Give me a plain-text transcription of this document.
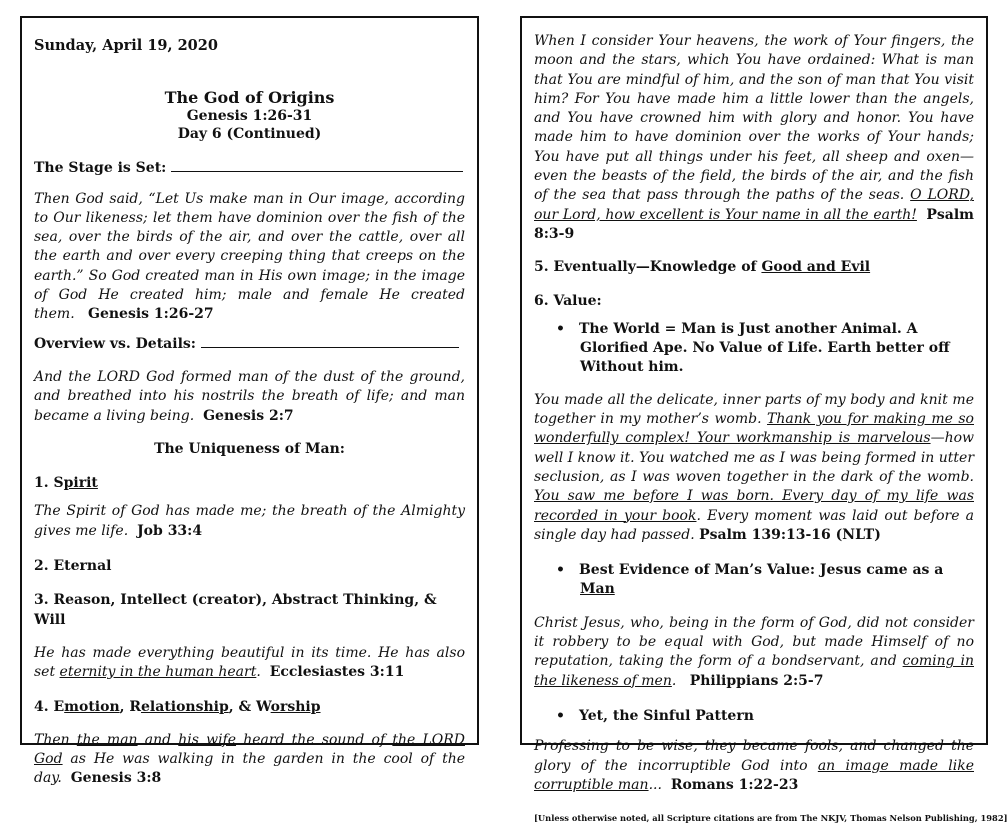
Sunday, April 19, 2020

The God of Origins

Genesis 1:26-31

Day 6 (Continued)

The Stage is Set:

Then God said, “Let Us make man in Our image, according to Our likeness; let them have dominion over the fish of the sea, over the birds of the air, and over the cattle, over all the earth and over every creeping thing that creeps on the earth.” So God created man in His own image; in the image of God He created him; male and female He created them. Genesis 1:26-27

Overview vs. Details:

And the LORD God formed man of the dust of the ground, and breathed into his nostrils the breath of life; and man became a living being. Genesis 2:7

The Uniqueness of Man:

1. Spirit

The Spirit of God has made me; the breath of the Almighty gives me life. Job 33:4

2. Eternal

3. Reason, Intellect (creator), Abstract Thinking, & Will

He has made everything beautiful in its time. He has also set eternity in the human heart. Ecclesiastes 3:11

4. Emotion, Relationship, & Worship

Then the man and his wife heard the sound of the LORD God as He was walking in the garden in the cool of the day. Genesis 3:8

When I consider Your heavens, the work of Your fingers, the moon and the stars, which You have ordained: What is man that You are mindful of him, and the son of man that You visit him? For You have made him a little lower than the angels, and You have crowned him with glory and honor. You have made him to have dominion over the works of Your hands; You have put all things under his feet, all sheep and oxen—even the beasts of the field, the birds of the air, and the fish of the sea that pass through the paths of the seas. O LORD, our Lord, how excellent is Your name in all the earth! Psalm 8:3-9

5. Eventually—Knowledge of Good and Evil

6. Value:

• The World = Man is Just another Animal. A Glorified Ape. No Value of Life. Earth better off Without him.

You made all the delicate, inner parts of my body and knit me together in my mother’s womb. Thank you for making me so wonderfully complex! Your workmanship is marvelous—how well I know it. You watched me as I was being formed in utter seclusion, as I was woven together in the dark of the womb. You saw me before I was born. Every day of my life was recorded in your book. Every moment was laid out before a single day had passed. Psalm 139:13-16 (NLT)

• Best Evidence of Man’s Value: Jesus came as a Man

Christ Jesus, who, being in the form of God, did not consider it robbery to be equal with God, but made Himself of no reputation, taking the form of a bondservant, and coming in the likeness of men. Philippians 2:5-7

• Yet, the Sinful Pattern

Professing to be wise, they became fools, and changed the glory of the incorruptible God into an image made like corruptible man... Romans 1:22-23

[Unless otherwise noted, all Scripture citations are from The NKJV, Thomas Nelson Publishing, 1982]
